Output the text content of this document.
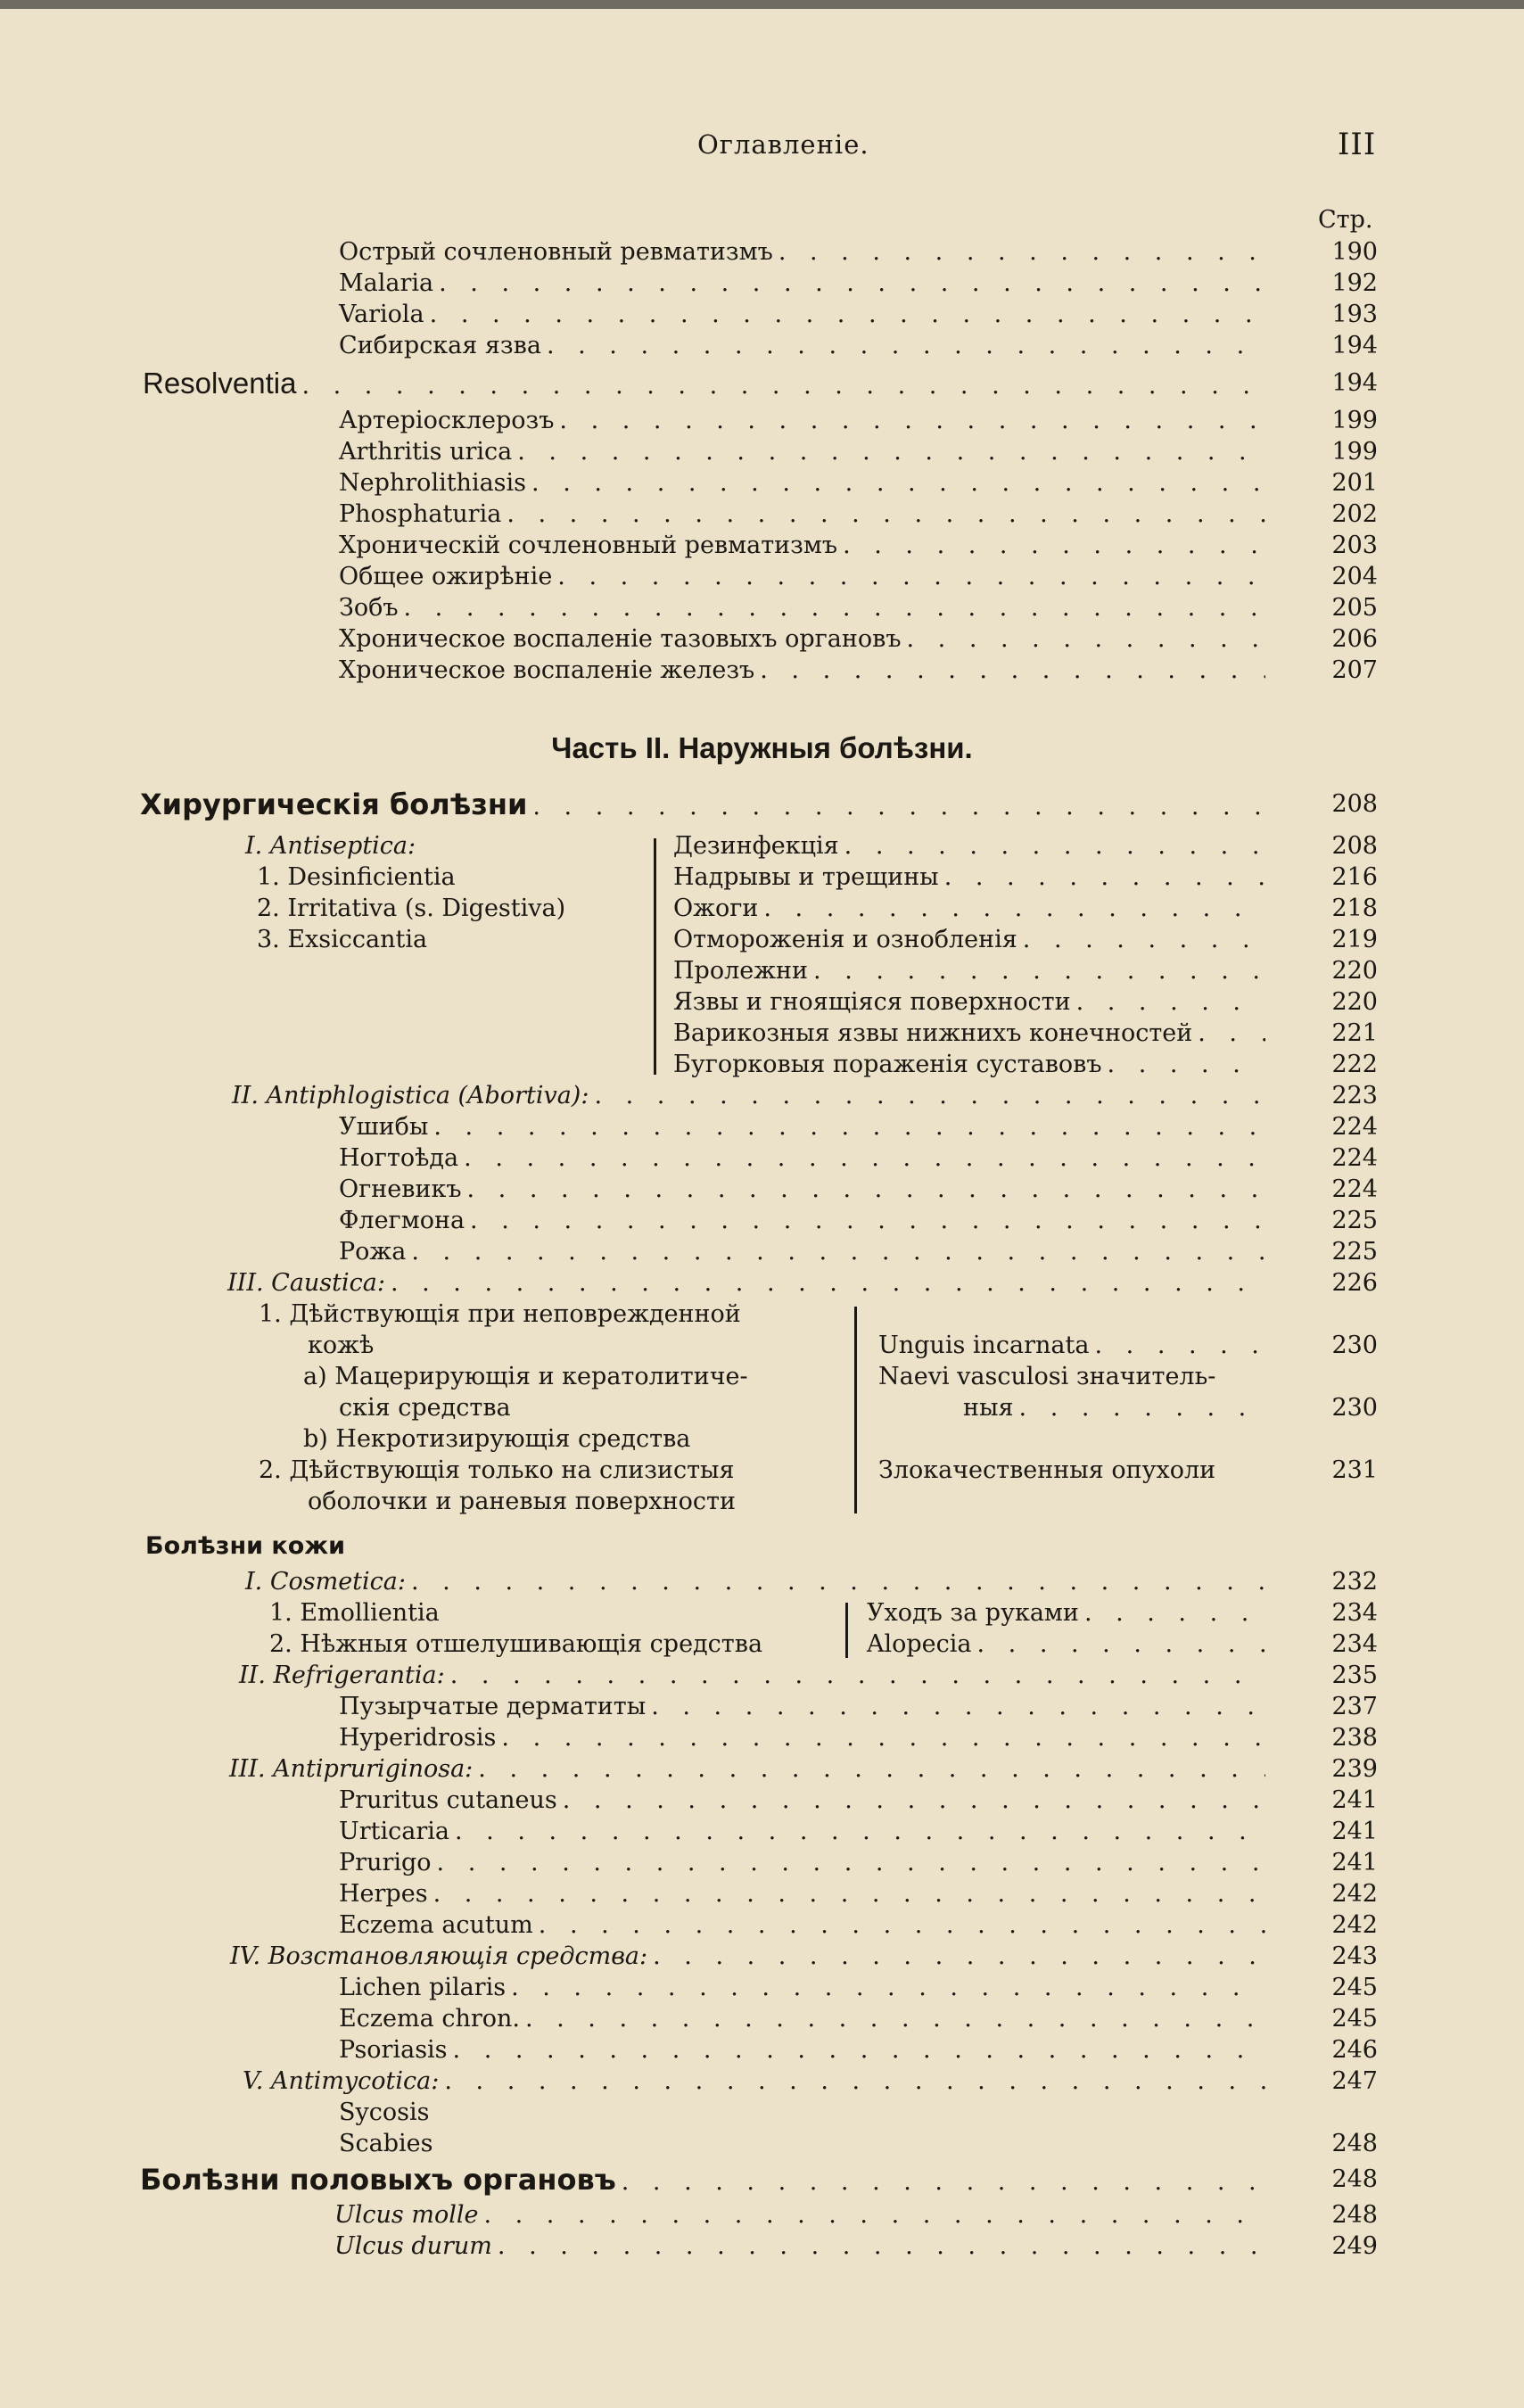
Оглавленіе.	III
Стр.
Острый сочленовный ревматизмъ . . .	190
Malaria . . .	192
Variola . . .	193
Сибирская язва . . .	194
Resolventia . . .	194
Артеріосклерозъ . . .	199
Arthritis urica . . .	199
Nephrolithiasis . . .	201
Phosphaturia . . .	202
Хроническій сочленовный ревматизмъ . . .	203
Общее ожирѣніе . . .	204
Зобъ . . .	205
Хроническое воспаленіе тазовыхъ органовъ . . .	206
Хроническое воспаленіе железъ . . .	207
Часть II. Наружныя болѣзни.
Хирургическія болѣзни . . .	208
I. Antiseptica:
1. Desinficientia
2. Irritativa (s. Digestiva)
3. Exsiccantia
Дезинфекція . . .	208
Надрывы и трещины . . .	216
Ожоги . . .	218
Отмороженія и ознобленія . . .	219
Пролежни . . .	220
Язвы и гноящіяся поверхности . . .	220
Варикозныя язвы нижнихъ конечностей . . .	221
Бугорковыя пораженія суставовъ . . .	222
II. Antiphlogistica (Abortiva): . . .	223
Ушибы . . .	224
Ногтоѣда . . .	224
Огневикъ . . .	224
Флегмона . . .	225
Рожа . . .	225
III. Caustica: . . .	226
1. Дѣйствующія при неповрежденной
кожѣ
a) Мацерирующія и кератолитиче-
скія средства
b) Некротизирующія средства
2. Дѣйствующія только на слизистыя
оболочки и раневыя поверхности
Unguis incarnata . . .	230
Naevi vasculosi значитель-
ныя . . .	230
Злокачественныя опухоли	231
Болѣзни кожи
I. Cosmetica: . . .	232
1. Emollientia
2. Нѣжныя отшелушивающія средства
Уходъ за руками . . .	234
Alopecia . . .	234
II. Refrigerantia: . . .	235
Пузырчатые дерматиты . . .	237
Hyperidrosis . . .	238
III. Antipruriginosa: . . .	239
Pruritus cutaneus . . .	241
Urticaria . . .	241
Prurigo . . .	241
Herpes . . .	242
Eczema acutum . . .	242
IV. Возстановляющія средства: . . .	243
Lichen pilaris . . .	245
Eczema chron. . . .	245
Psoriasis . . .	246
V. Antimycotica: . . .	247
Sycosis
Scabies	248
Болѣзни половыхъ органовъ . . .	248
Ulcus molle . . .	248
Ulcus durum . . .	249
